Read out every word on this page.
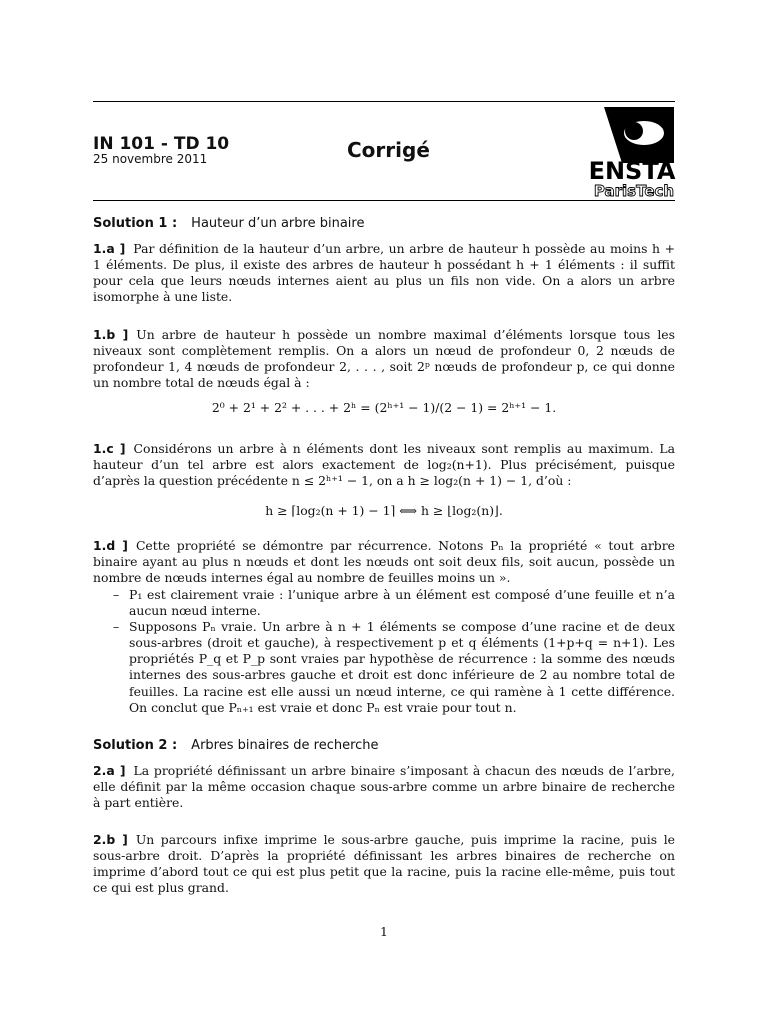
IN 101 - TD 10
25 novembre 2011	Corrigé
ENSTA
ParisTech
Solution 1 : Hauteur d’un arbre binaire
1.a ] Par définition de la hauteur d’un arbre, un arbre de hauteur h possède au moins h + 1 éléments. De plus, il existe des arbres de hauteur h possédant h + 1 éléments : il suffit pour cela que leurs nœuds internes aient au plus un fils non vide. On a alors un arbre isomorphe à une liste.
1.b ] Un arbre de hauteur h possède un nombre maximal d’éléments lorsque tous les niveaux sont complètement remplis. On a alors un nœud de profondeur 0, 2 nœuds de profondeur 1, 4 nœuds de profondeur 2, . . . , soit 2ᵖ nœuds de profondeur p, ce qui donne un nombre total de nœuds égal à :
2⁰ + 2¹ + 2² + . . . + 2ʰ = (2ʰ⁺¹ − 1)/(2 − 1) = 2ʰ⁺¹ − 1.
1.c ] Considérons un arbre à n éléments dont les niveaux sont remplis au maximum. La hauteur d’un tel arbre est alors exactement de log₂(n+1). Plus précisément, puisque d’après la question précédente n ≤ 2ʰ⁺¹ − 1, on a h ≥ log₂(n + 1) − 1, d’où :
h ≥ ⌈log₂(n + 1) − 1⌉ ⟺ h ≥ ⌊log₂(n)⌋.
1.d ] Cette propriété se démontre par récurrence. Notons Pₙ la propriété « tout arbre binaire ayant au plus n nœuds et dont les nœuds ont soit deux fils, soit aucun, possède un nombre de nœuds internes égal au nombre de feuilles moins un ».
– P₁ est clairement vraie : l’unique arbre à un élément est composé d’une feuille et n’a aucun nœud interne.
– Supposons Pₙ vraie. Un arbre à n + 1 éléments se compose d’une racine et de deux sous-arbres (droit et gauche), à respectivement p et q éléments (1+p+q = n+1). Les propriétés P_q et P_p sont vraies par hypothèse de récurrence : la somme des nœuds internes des sous-arbres gauche et droit est donc inférieure de 2 au nombre total de feuilles. La racine est elle aussi un nœud interne, ce qui ramène à 1 cette différence. On conclut que Pₙ₊₁ est vraie et donc Pₙ est vraie pour tout n.
Solution 2 : Arbres binaires de recherche
2.a ] La propriété définissant un arbre binaire s’imposant à chacun des nœuds de l’arbre, elle définit par la même occasion chaque sous-arbre comme un arbre binaire de recherche à part entière.
2.b ] Un parcours infixe imprime le sous-arbre gauche, puis imprime la racine, puis le sous-arbre droit. D’après la propriété définissant les arbres binaires de recherche on imprime d’abord tout ce qui est plus petit que la racine, puis la racine elle-même, puis tout ce qui est plus grand.
1
